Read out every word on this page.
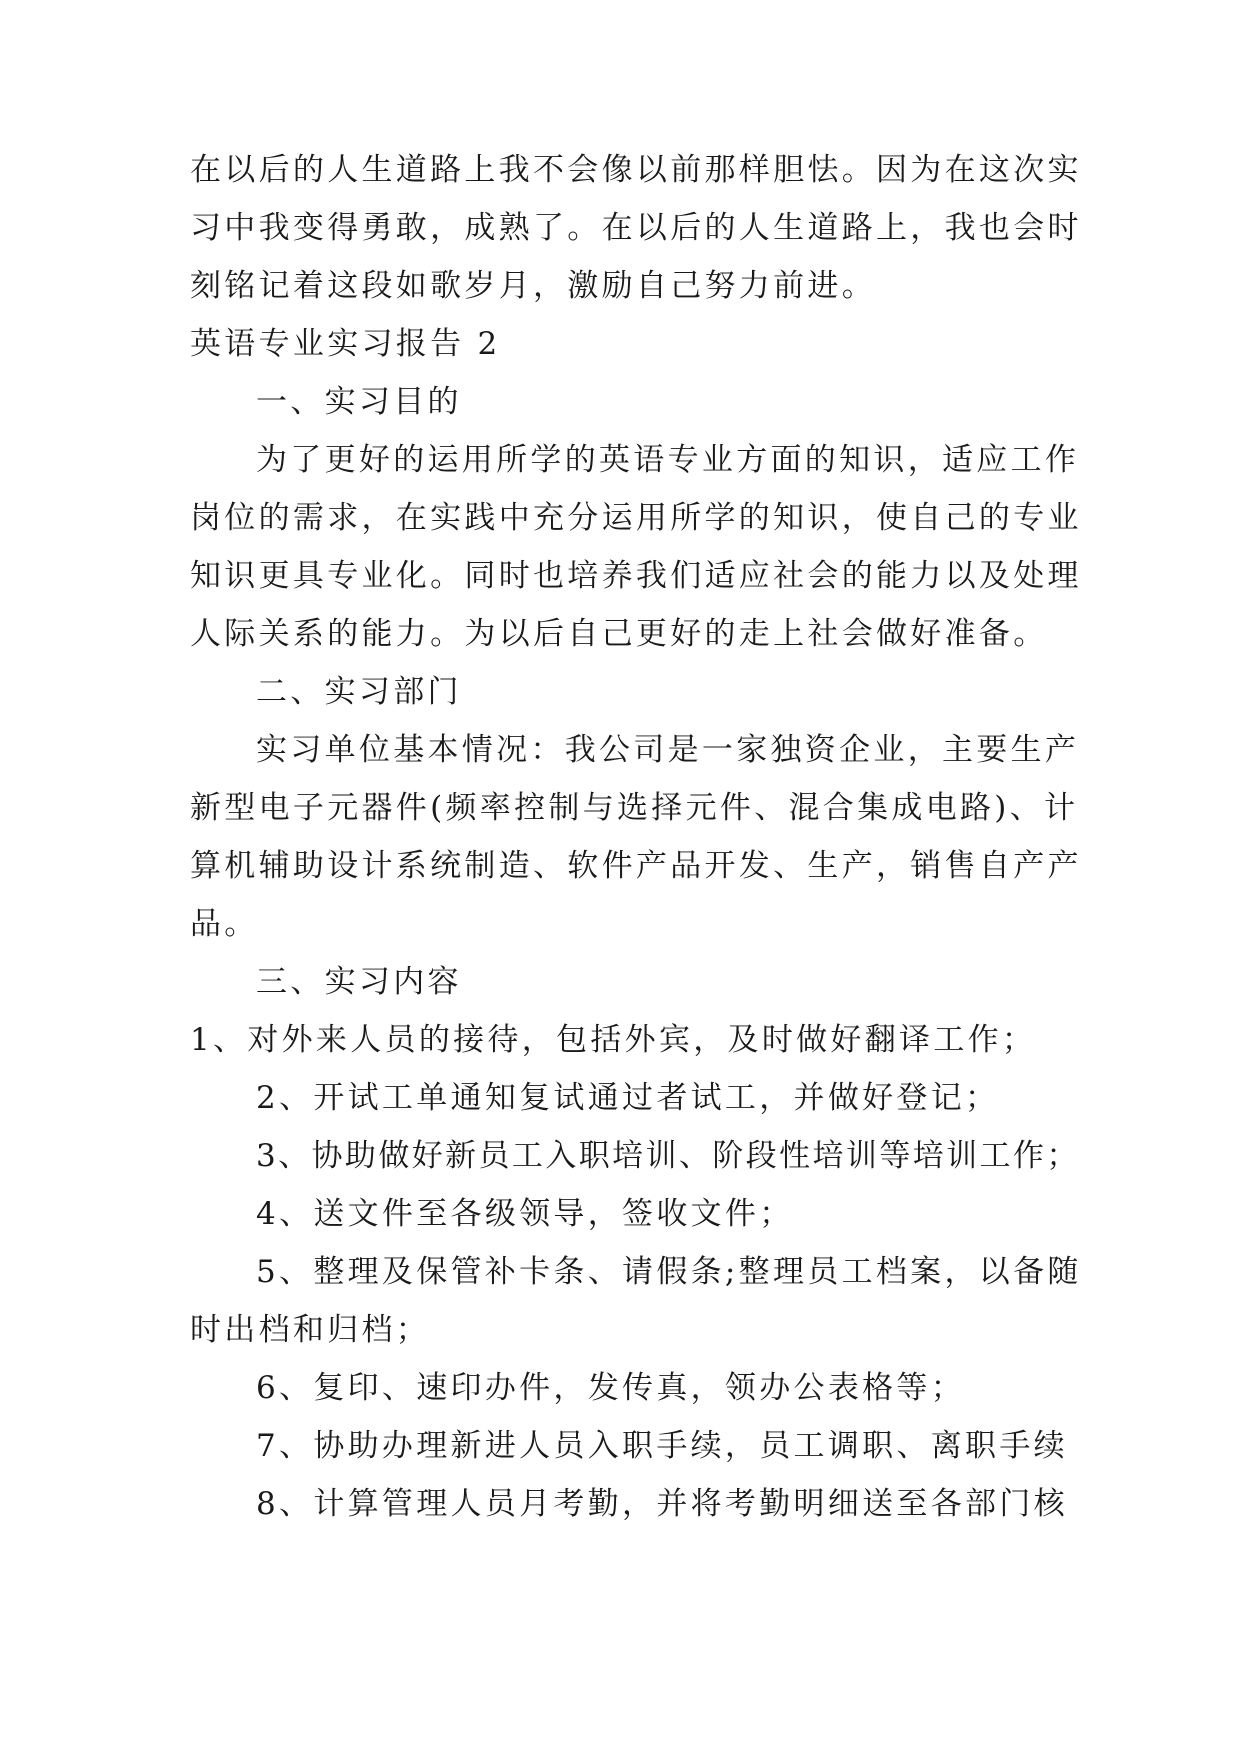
在以后的人生道路上我不会像以前那样胆怯。因为在这次实
习中我变得勇敢，成熟了。在以后的人生道路上，我也会时
刻铭记着这段如歌岁月，激励自己努力前进。
英语专业实习报告 2
一、实习目的
为了更好的运用所学的英语专业方面的知识，适应工作
岗位的需求，在实践中充分运用所学的知识，使自己的专业
知识更具专业化。同时也培养我们适应社会的能力以及处理
人际关系的能力。为以后自己更好的走上社会做好准备。
二、实习部门
实习单位基本情况：我公司是一家独资企业，主要生产
新型电子元器件(频率控制与选择元件、混合集成电路)、计
算机辅助设计系统制造、软件产品开发、生产，销售自产产
品。
三、实习内容
1、对外来人员的接待，包括外宾，及时做好翻译工作；
2、开试工单通知复试通过者试工，并做好登记；
3、协助做好新员工入职培训、阶段性培训等培训工作；
4、送文件至各级领导，签收文件；
5、整理及保管补卡条、请假条;整理员工档案，以备随
时出档和归档；
6、复印、速印办件，发传真，领办公表格等；
7、协助办理新进人员入职手续，员工调职、离职手续
8、计算管理人员月考勤，并将考勤明细送至各部门核
